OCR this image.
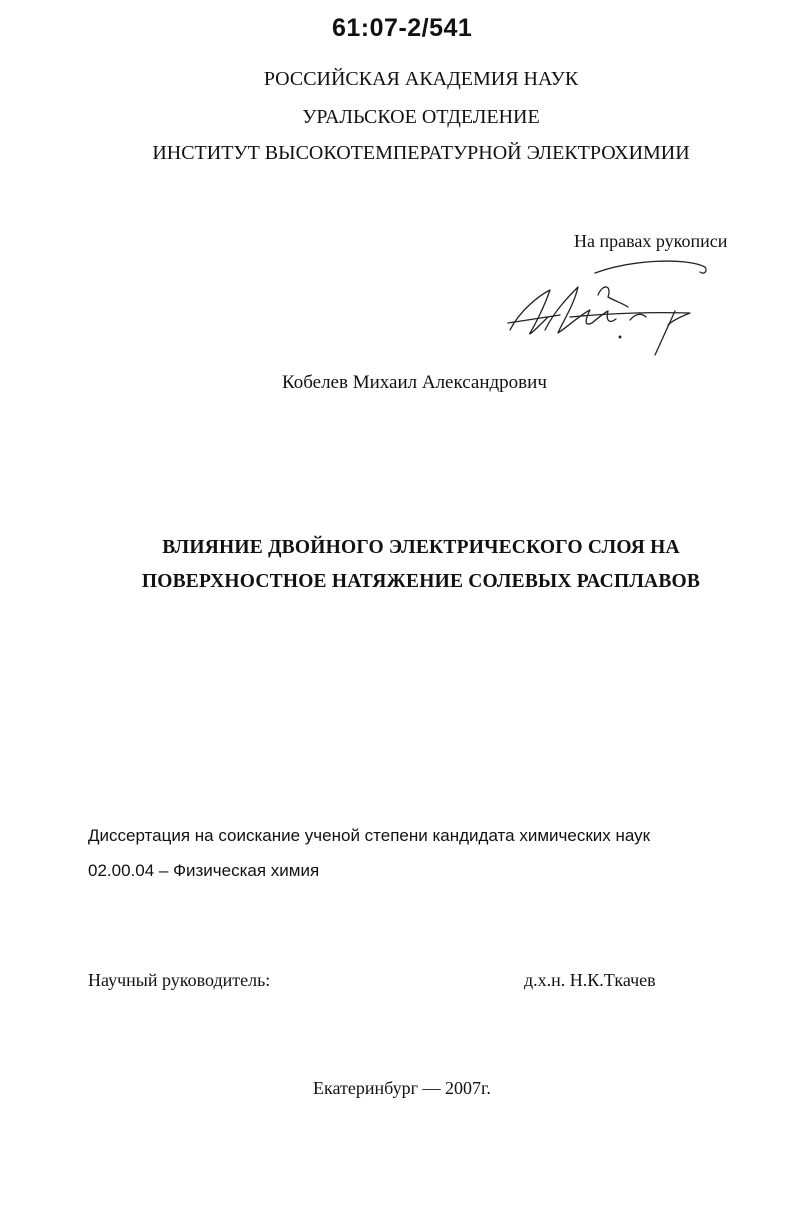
61:07-2/541
РОССИЙСКАЯ АКАДЕМИЯ НАУК
УРАЛЬСКОЕ ОТДЕЛЕНИЕ
ИНСТИТУТ ВЫСОКОТЕМПЕРАТУРНОЙ ЭЛЕКТРОХИМИИ
На правах рукописи
Кобелев Михаил Александрович
ВЛИЯНИЕ ДВОЙНОГО ЭЛЕКТРИЧЕСКОГО СЛОЯ НА
ПОВЕРХНОСТНОЕ НАТЯЖЕНИЕ СОЛЕВЫХ РАСПЛАВОВ
Диссертация на соискание ученой степени кандидата химических наук
02.00.04 – Физическая химия
Научный руководитель:	д.х.н. Н.К.Ткачев
Екатеринбург — 2007г.
